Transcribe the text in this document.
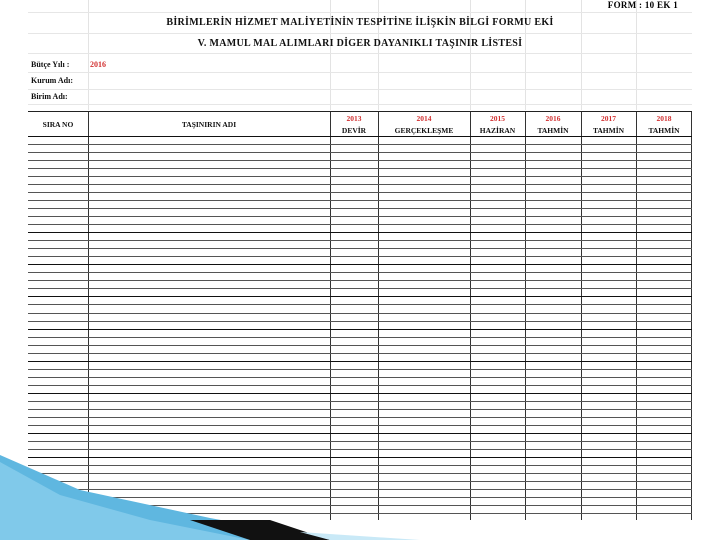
FORM : 10 EK 1
BİRİMLERİN HİZMET MALİYETİNİN TESPİTİNE İLİŞKİN BİLGİ FORMU EKİ
V. MAMUL MAL ALIMLARI DİGER DAYANIKLI TAŞINIR LİSTESİ
Bütçe Yılı :	2016
Kurum Adı:
Birim Adı:
SIRA NO	TAŞINIRIN ADI
2013
DEVİR
2014
GERÇEKLEŞME
2015
HAZİRAN
2016
TAHMİN
2017
TAHMİN
2018
TAHMİN
